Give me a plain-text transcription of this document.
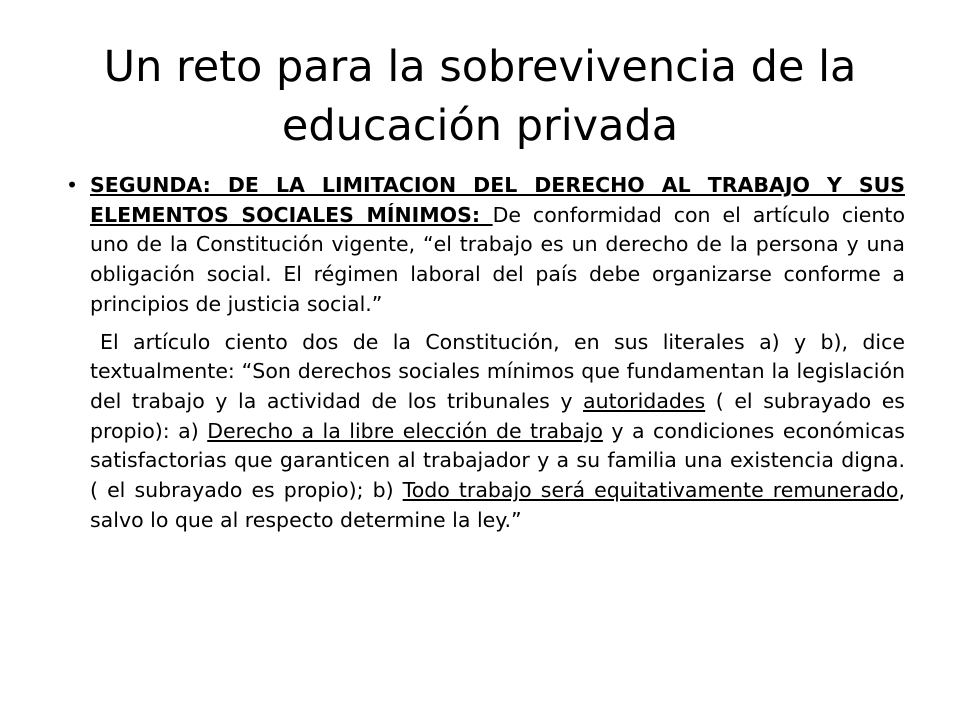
Un reto para la sobrevivencia de la educación privada
• SEGUNDA: DE LA LIMITACION DEL DERECHO AL TRABAJO Y SUS ELEMENTOS SOCIALES MÍNIMOS: De conformidad con el artículo ciento uno de la Constitución vigente, “el trabajo es un derecho de la persona y una obligación social. El régimen laboral del país debe organizarse conforme a principios de justicia social.”
El artículo ciento dos de la Constitución, en sus literales a) y b), dice textualmente: “Son derechos sociales mínimos que fundamentan la legislación del trabajo y la actividad de los tribunales y autoridades ( el subrayado es propio): a) Derecho a la libre elección de trabajo y a condiciones económicas satisfactorias que garanticen al trabajador y a su familia una existencia digna. ( el subrayado es propio); b) Todo trabajo será equitativamente remunerado, salvo lo que al respecto determine la ley.”
